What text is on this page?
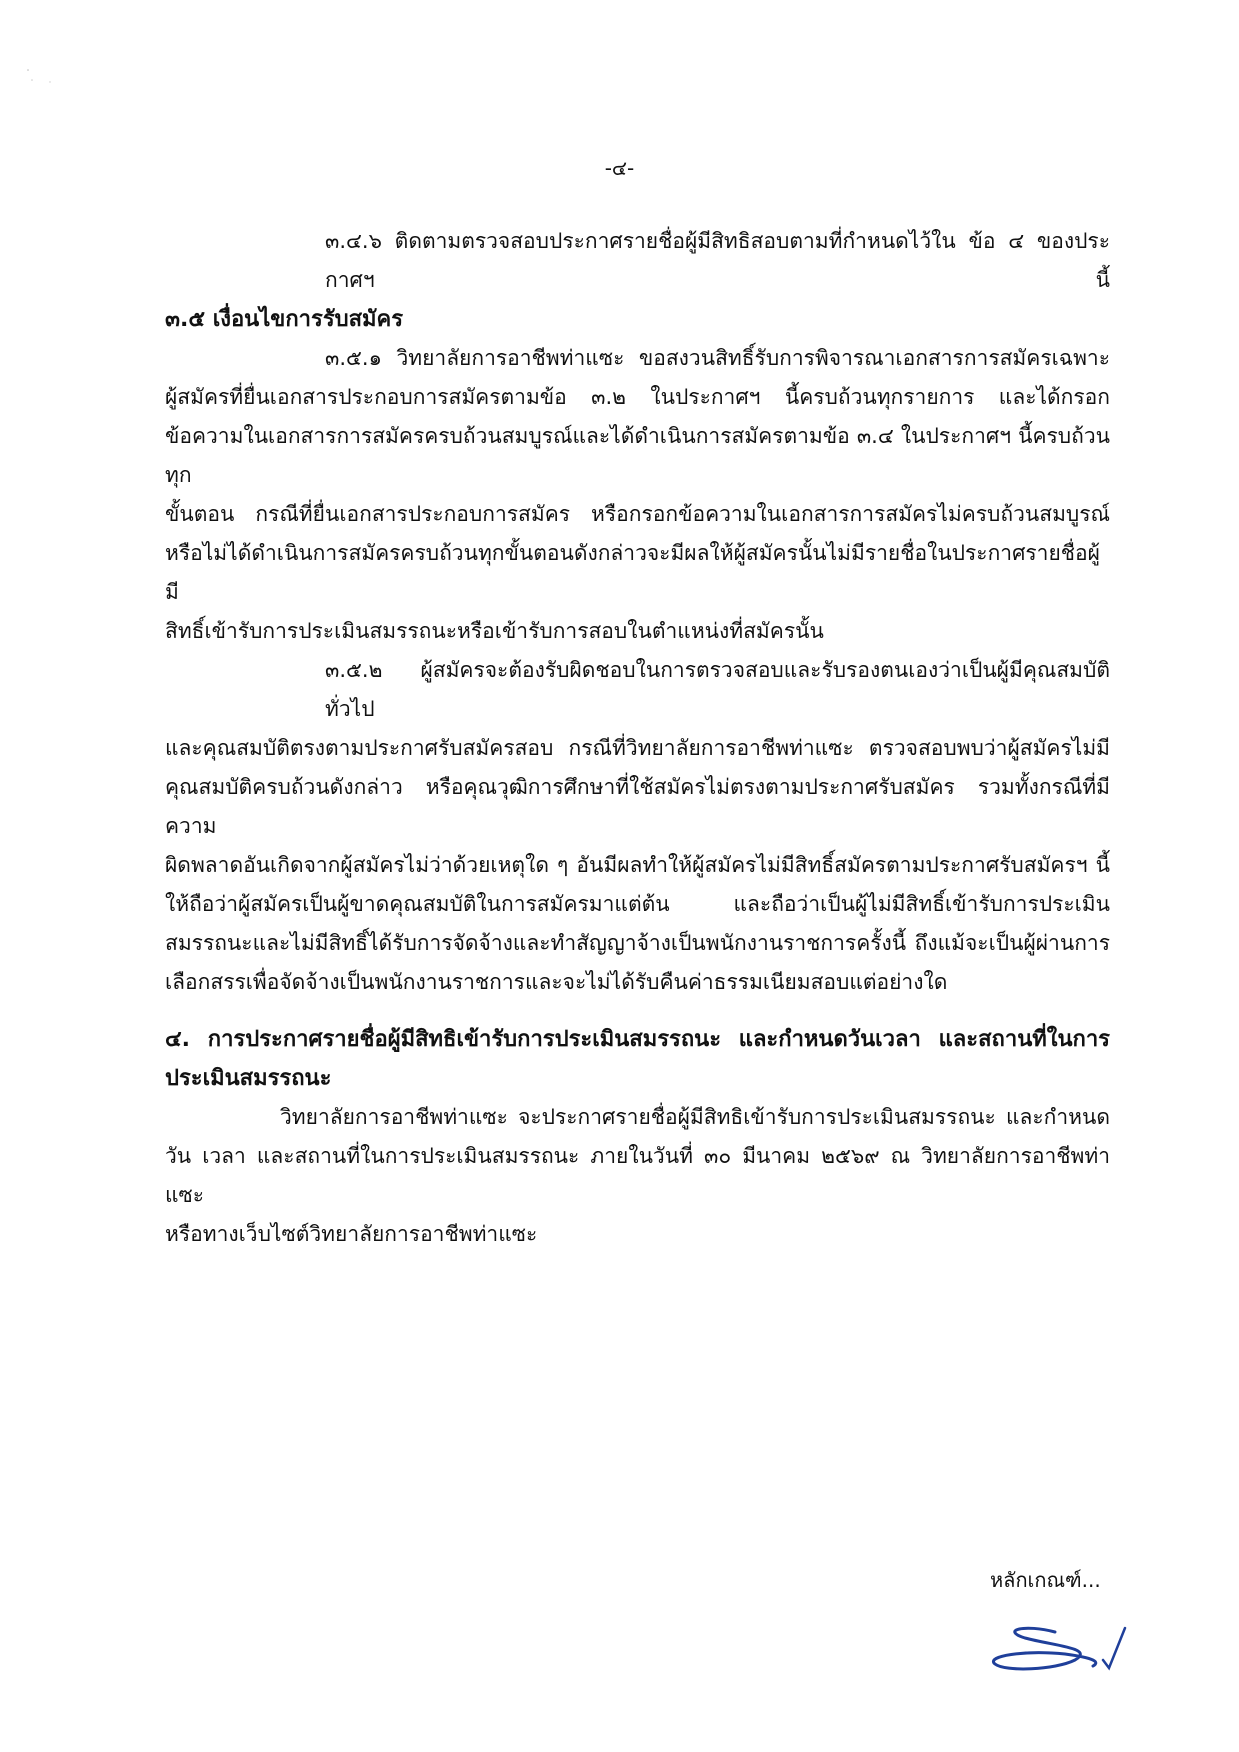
-๔-
๓.๔.๖ ติดตามตรวจสอบประกาศรายชื่อผู้มีสิทธิสอบตามที่กำหนดไว้ใน ข้อ ๔ ของประกาศฯ นี้
๓.๕ เงื่อนไขการรับสมัคร
๓.๕.๑ วิทยาลัยการอาชีพท่าแซะ ขอสงวนสิทธิ์รับการพิจารณาเอกสารการสมัครเฉพาะ
ผู้สมัครที่ยื่นเอกสารประกอบการสมัครตามข้อ ๓.๒ ในประกาศฯ นี้ครบถ้วนทุกรายการ และได้กรอก
ข้อความในเอกสารการสมัครครบถ้วนสมบูรณ์และได้ดำเนินการสมัครตามข้อ ๓.๔ ในประกาศฯ นี้ครบถ้วนทุก
ขั้นตอน กรณีที่ยื่นเอกสารประกอบการสมัคร หรือกรอกข้อความในเอกสารการสมัครไม่ครบถ้วนสมบูรณ์
หรือไม่ได้ดำเนินการสมัครครบถ้วนทุกขั้นตอนดังกล่าวจะมีผลให้ผู้สมัครนั้นไม่มีรายชื่อในประกาศรายชื่อผู้มี
สิทธิ์เข้ารับการประเมินสมรรถนะหรือเข้ารับการสอบในตำแหน่งที่สมัครนั้น
๓.๕.๒ ผู้สมัครจะต้องรับผิดชอบในการตรวจสอบและรับรองตนเองว่าเป็นผู้มีคุณสมบัติทั่วไป
และคุณสมบัติตรงตามประกาศรับสมัครสอบ กรณีที่วิทยาลัยการอาชีพท่าแซะ ตรวจสอบพบว่าผู้สมัครไม่มี
คุณสมบัติครบถ้วนดังกล่าว หรือคุณวุฒิการศึกษาที่ใช้สมัครไม่ตรงตามประกาศรับสมัคร รวมทั้งกรณีที่มีความ
ผิดพลาดอันเกิดจากผู้สมัครไม่ว่าด้วยเหตุใด ๆ อันมีผลทำให้ผู้สมัครไม่มีสิทธิ์สมัครตามประกาศรับสมัครฯ นี้
ให้ถือว่าผู้สมัครเป็นผู้ขาดคุณสมบัติในการสมัครมาแต่ต้น และถือว่าเป็นผู้ไม่มีสิทธิ์เข้ารับการประเมิน
สมรรถนะและไม่มีสิทธิ์ได้รับการจัดจ้างและทำสัญญาจ้างเป็นพนักงานราชการครั้งนี้ ถึงแม้จะเป็นผู้ผ่านการ
เลือกสรรเพื่อจัดจ้างเป็นพนักงานราชการและจะไม่ได้รับคืนค่าธรรมเนียมสอบแต่อย่างใด
๔. การประกาศรายชื่อผู้มีสิทธิเข้ารับการประเมินสมรรถนะ และกำหนดวันเวลา และสถานที่ในการ
ประเมินสมรรถนะ
วิทยาลัยการอาชีพท่าแซะ จะประกาศรายชื่อผู้มีสิทธิเข้ารับการประเมินสมรรถนะ และกำหนด
วัน เวลา และสถานที่ในการประเมินสมรรถนะ ภายในวันที่ ๓๐ มีนาคม ๒๕๖๙ ณ วิทยาลัยการอาชีพท่าแซะ
หรือทางเว็บไซต์วิทยาลัยการอาชีพท่าแซะ
หลักเกณฑ์...
